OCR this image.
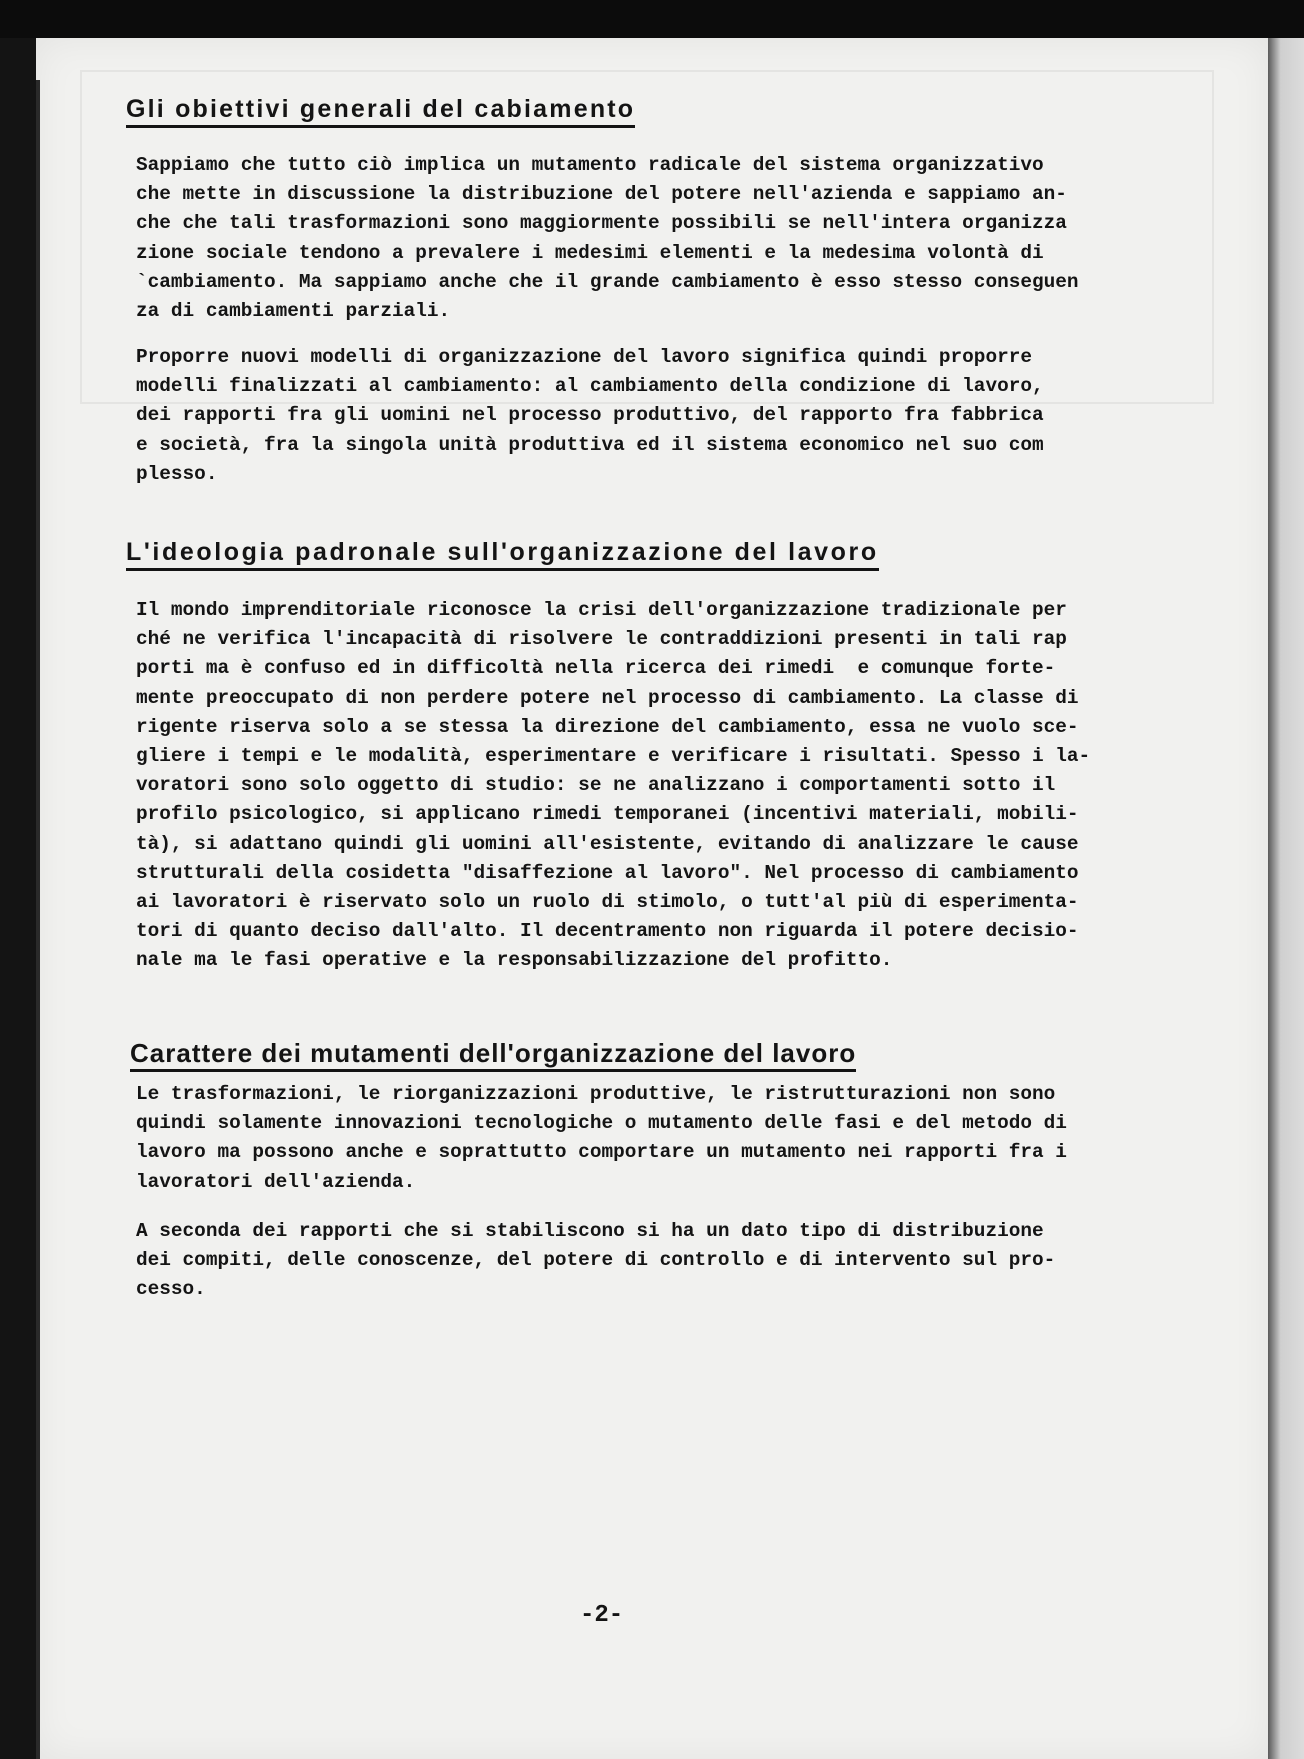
Gli obiettivi generali del cabiamento

Sappiamo che tutto ciò implica un mutamento radicale del sistema organizzativo
che mette in discussione la distribuzione del potere nell'azienda e sappiamo an-
che che tali trasformazioni sono maggiormente possibili se nell'intera organizza
zione sociale tendono a prevalere i medesimi elementi e la medesima volontà di
`cambiamento. Ma sappiamo anche che il grande cambiamento è esso stesso conseguen
za di cambiamenti parziali.

Proporre nuovi modelli di organizzazione del lavoro significa quindi proporre
modelli finalizzati al cambiamento: al cambiamento della condizione di lavoro,
dei rapporti fra gli uomini nel processo produttivo, del rapporto fra fabbrica
e società, fra la singola unità produttiva ed il sistema economico nel suo com
plesso.

L'ideologia padronale sull'organizzazione del lavoro

Il mondo imprenditoriale riconosce la crisi dell'organizzazione tradizionale per
ché ne verifica l'incapacità di risolvere le contraddizioni presenti in tali rap
porti ma è confuso ed in difficoltà nella ricerca dei rimedi  e comunque forte-
mente preoccupato di non perdere potere nel processo di cambiamento. La classe di
rigente riserva solo a se stessa la direzione del cambiamento, essa ne vuolo sce-
gliere i tempi e le modalità, esperimentare e verificare i risultati. Spesso i la-
voratori sono solo oggetto di studio: se ne analizzano i comportamenti sotto il
profilo psicologico, si applicano rimedi temporanei (incentivi materiali, mobili-
tà), si adattano quindi gli uomini all'esistente, evitando di analizzare le cause
strutturali della cosidetta "disaffezione al lavoro". Nel processo di cambiamento
ai lavoratori è riservato solo un ruolo di stimolo, o tutt'al più di esperimenta-
tori di quanto deciso dall'alto. Il decentramento non riguarda il potere decisio-
nale ma le fasi operative e la responsabilizzazione del profitto.

Carattere dei mutamenti dell'organizzazione del lavoro

Le trasformazioni, le riorganizzazioni produttive, le ristrutturazioni non sono
quindi solamente innovazioni tecnologiche o mutamento delle fasi e del metodo di
lavoro ma possono anche e soprattutto comportare un mutamento nei rapporti fra i
lavoratori dell'azienda.

A seconda dei rapporti che si stabiliscono si ha un dato tipo di distribuzione
dei compiti, delle conoscenze, del potere di controllo e di intervento sul pro-
cesso.

-2-
